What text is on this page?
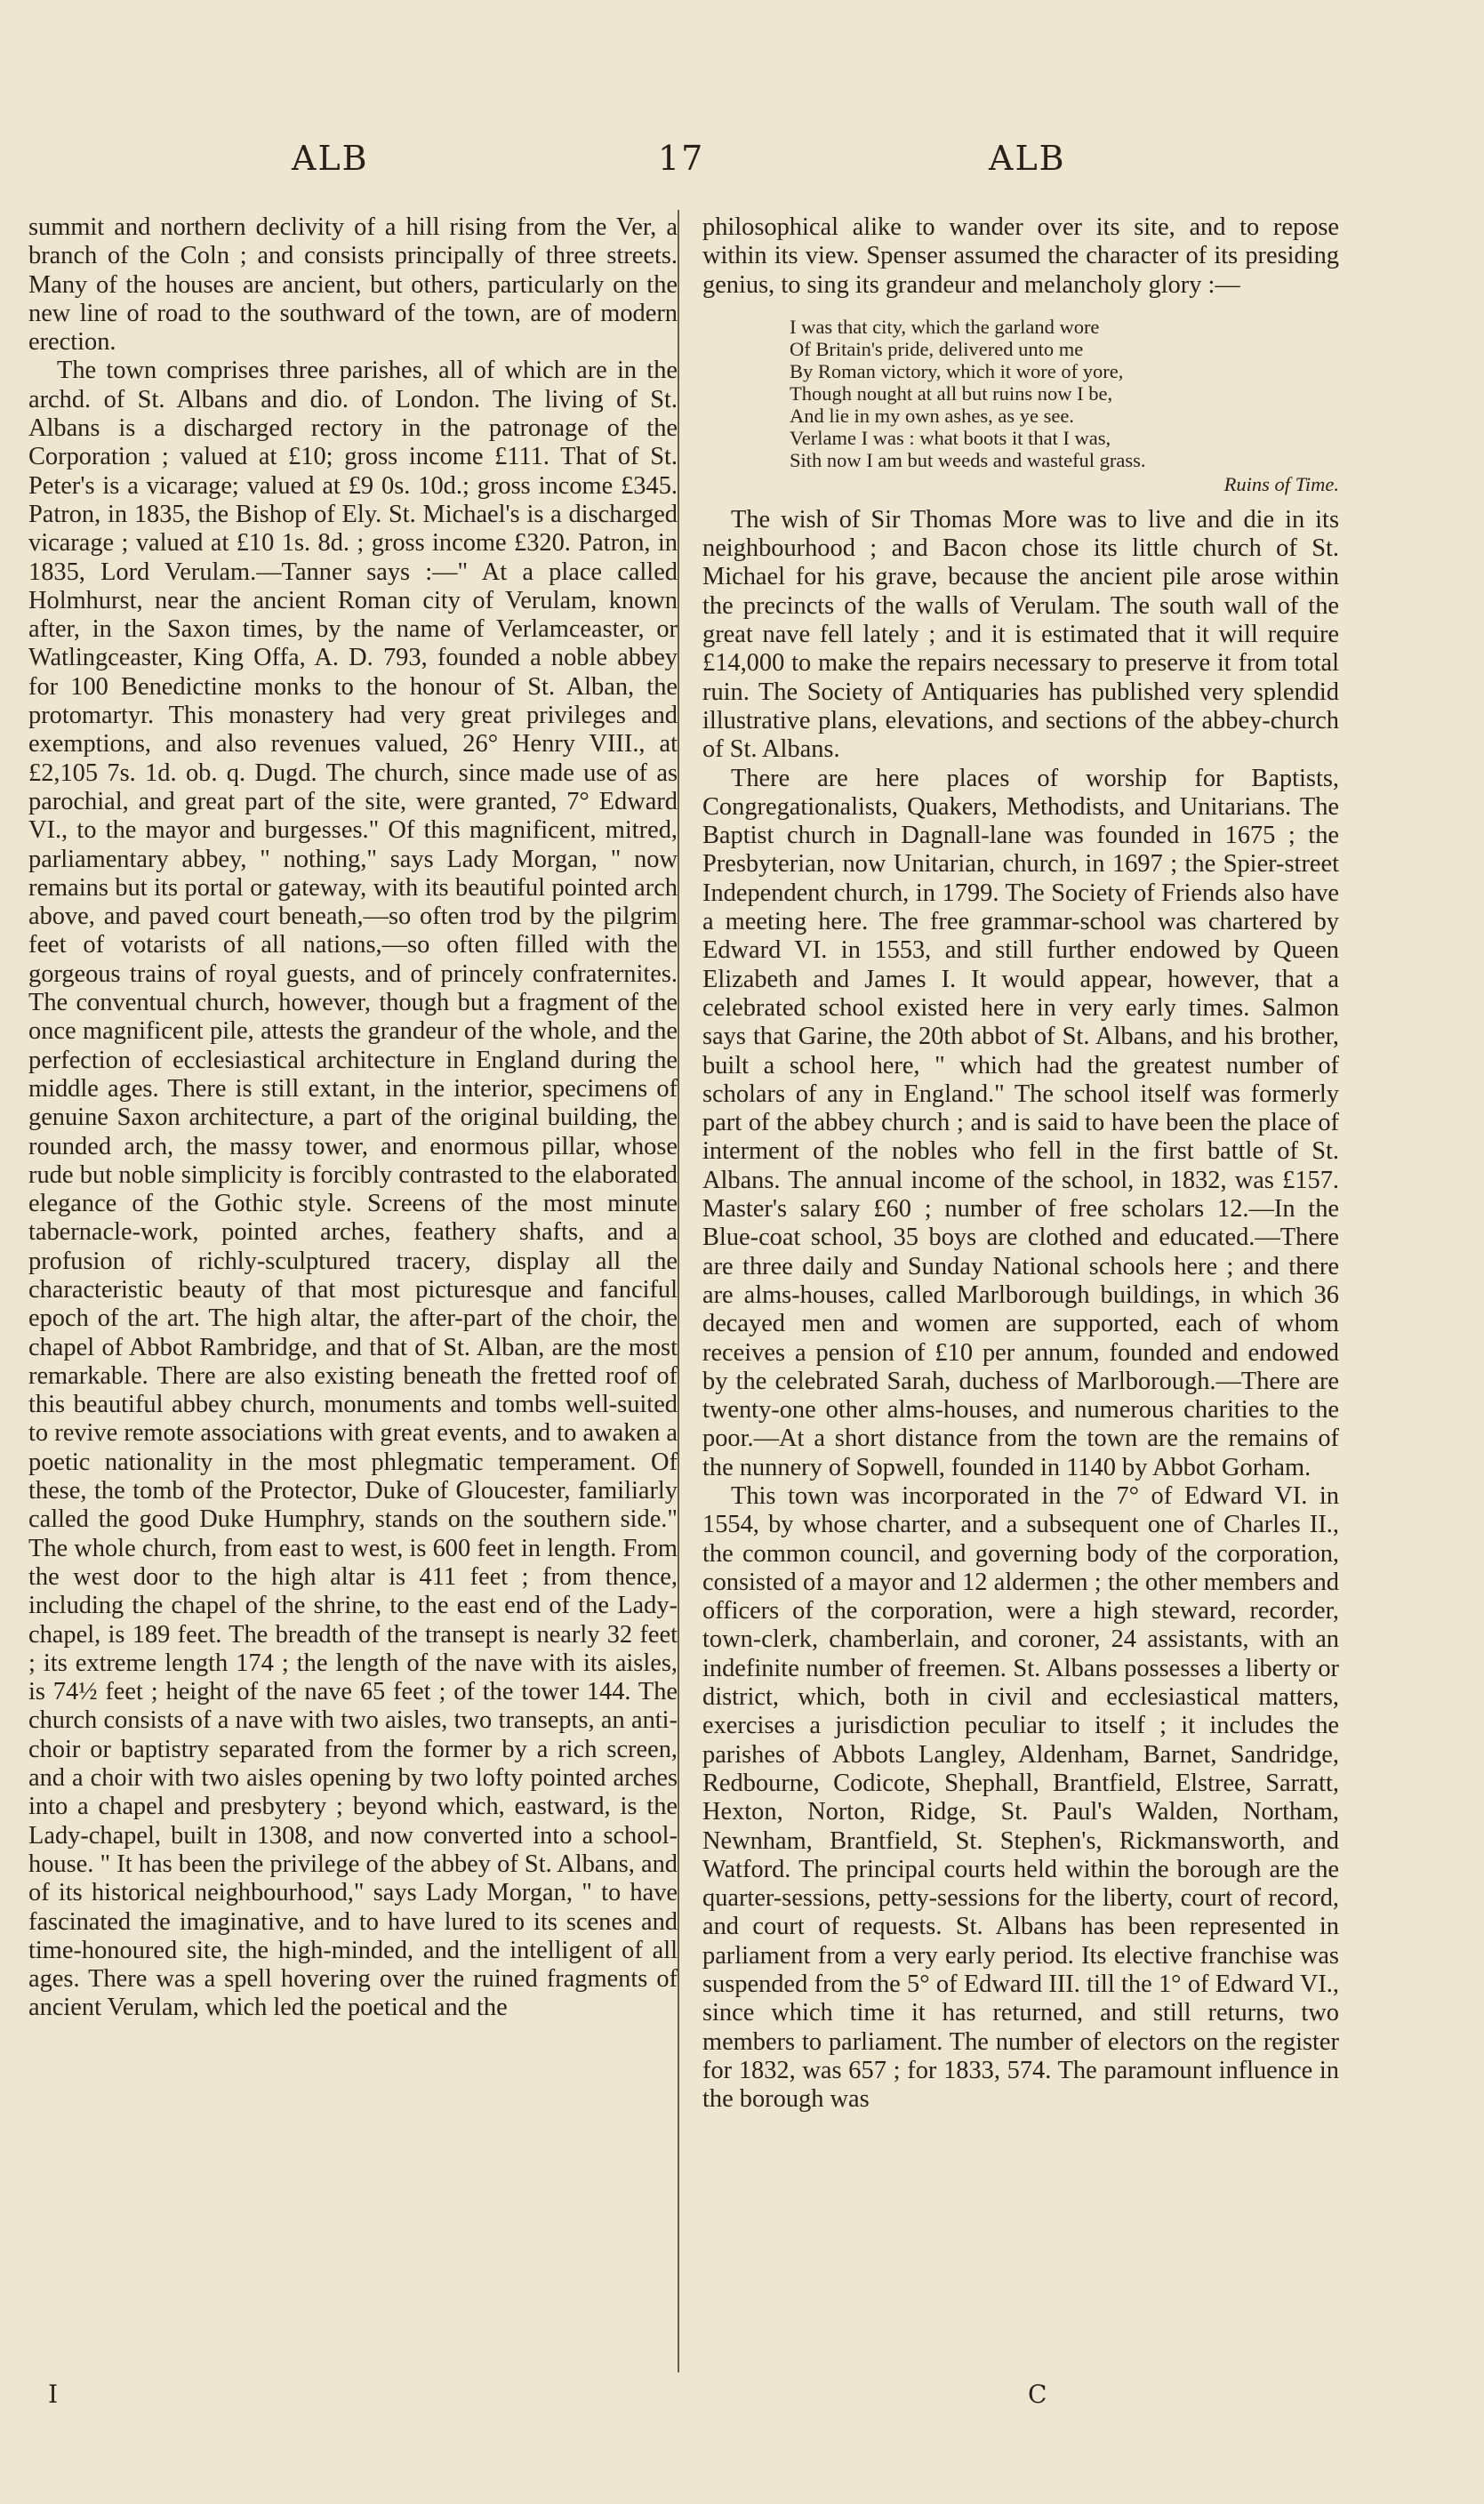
ALB	17	ALB

summit and northern declivity of a hill rising from the Ver, a branch of the Coln ; and consists principally of three streets. Many of the houses are ancient, but others, particularly on the new line of road to the southward of the town, are of modern erection.

The town comprises three parishes, all of which are in the archd. of St. Albans and dio. of London. The living of St. Albans is a discharged rectory in the patronage of the Corporation ; valued at £10; gross income £111. That of St. Peter's is a vicarage; valued at £9 0s. 10d.; gross income £345. Patron, in 1835, the Bishop of Ely. St. Michael's is a discharged vicarage ; valued at £10 1s. 8d. ; gross income £320. Patron, in 1835, Lord Verulam.—Tanner says :—" At a place called Holmhurst, near the ancient Roman city of Verulam, known after, in the Saxon times, by the name of Verlamceaster, or Watlingceaster, King Offa, A. D. 793, founded a noble abbey for 100 Benedictine monks to the honour of St. Alban, the protomartyr. This monastery had very great privileges and exemptions, and also revenues valued, 26° Henry VIII., at £2,105 7s. 1d. ob. q. Dugd. The church, since made use of as parochial, and great part of the site, were granted, 7° Edward VI., to the mayor and burgesses." Of this magnificent, mitred, parliamentary abbey, " nothing," says Lady Morgan, " now remains but its portal or gateway, with its beautiful pointed arch above, and paved court beneath,—so often trod by the pilgrim feet of votarists of all nations,—so often filled with the gorgeous trains of royal guests, and of princely confraternites. The conventual church, however, though but a fragment of the once magnificent pile, attests the grandeur of the whole, and the perfection of ecclesiastical architecture in England during the middle ages. There is still extant, in the interior, specimens of genuine Saxon architecture, a part of the original building, the rounded arch, the massy tower, and enormous pillar, whose rude but noble simplicity is forcibly contrasted to the elaborated elegance of the Gothic style. Screens of the most minute tabernacle-work, pointed arches, feathery shafts, and a profusion of richly-sculptured tracery, display all the characteristic beauty of that most picturesque and fanciful epoch of the art. The high altar, the after-part of the choir, the chapel of Abbot Rambridge, and that of St. Alban, are the most remarkable. There are also existing beneath the fretted roof of this beautiful abbey church, monuments and tombs well-suited to revive remote associations with great events, and to awaken a poetic nationality in the most phlegmatic temperament. Of these, the tomb of the Protector, Duke of Gloucester, familiarly called the good Duke Humphry, stands on the southern side." The whole church, from east to west, is 600 feet in length. From the west door to the high altar is 411 feet ; from thence, including the chapel of the shrine, to the east end of the Lady-chapel, is 189 feet. The breadth of the transept is nearly 32 feet ; its extreme length 174 ; the length of the nave with its aisles, is 74½ feet ; height of the nave 65 feet ; of the tower 144. The church consists of a nave with two aisles, two transepts, an anti-choir or baptistry separated from the former by a rich screen, and a choir with two aisles opening by two lofty pointed arches into a chapel and presbytery ; beyond which, eastward, is the Lady-chapel, built in 1308, and now converted into a school-house. " It has been the privilege of the abbey of St. Albans, and of its historical neighbourhood," says Lady Morgan, " to have fascinated the imaginative, and to have lured to its scenes and time-honoured site, the high-minded, and the intelligent of all ages. There was a spell hovering over the ruined fragments of ancient Verulam, which led the poetical and the

philosophical alike to wander over its site, and to repose within its view. Spenser assumed the character of its presiding genius, to sing its grandeur and melancholy glory :—

I was that city, which the garland wore
Of Britain's pride, delivered unto me
By Roman victory, which it wore of yore,
Though nought at all but ruins now I be,
And lie in my own ashes, as ye see.
Verlame I was : what boots it that I was,
Sith now I am but weeds and wasteful grass.
Ruins of Time.

The wish of Sir Thomas More was to live and die in its neighbourhood ; and Bacon chose its little church of St. Michael for his grave, because the ancient pile arose within the precincts of the walls of Verulam. The south wall of the great nave fell lately ; and it is estimated that it will require £14,000 to make the repairs necessary to preserve it from total ruin. The Society of Antiquaries has published very splendid illustrative plans, elevations, and sections of the abbey-church of St. Albans.

There are here places of worship for Baptists, Congregationalists, Quakers, Methodists, and Unitarians. The Baptist church in Dagnall-lane was founded in 1675 ; the Presbyterian, now Unitarian, church, in 1697 ; the Spier-street Independent church, in 1799. The Society of Friends also have a meeting here. The free grammar-school was chartered by Edward VI. in 1553, and still further endowed by Queen Elizabeth and James I. It would appear, however, that a celebrated school existed here in very early times. Salmon says that Garine, the 20th abbot of St. Albans, and his brother, built a school here, " which had the greatest number of scholars of any in England." The school itself was formerly part of the abbey church ; and is said to have been the place of interment of the nobles who fell in the first battle of St. Albans. The annual income of the school, in 1832, was £157. Master's salary £60 ; number of free scholars 12.—In the Blue-coat school, 35 boys are clothed and educated.—There are three daily and Sunday National schools here ; and there are alms-houses, called Marlborough buildings, in which 36 decayed men and women are supported, each of whom receives a pension of £10 per annum, founded and endowed by the celebrated Sarah, duchess of Marlborough.—There are twenty-one other alms-houses, and numerous charities to the poor.—At a short distance from the town are the remains of the nunnery of Sopwell, founded in 1140 by Abbot Gorham.

This town was incorporated in the 7° of Edward VI. in 1554, by whose charter, and a subsequent one of Charles II., the common council, and governing body of the corporation, consisted of a mayor and 12 aldermen ; the other members and officers of the corporation, were a high steward, recorder, town-clerk, chamberlain, and coroner, 24 assistants, with an indefinite number of freemen. St. Albans possesses a liberty or district, which, both in civil and ecclesiastical matters, exercises a jurisdiction peculiar to itself ; it includes the parishes of Abbots Langley, Aldenham, Barnet, Sandridge, Redbourne, Codicote, Shephall, Brantfield, Elstree, Sarratt, Hexton, Norton, Ridge, St. Paul's Walden, Northam, Newnham, Brantfield, St. Stephen's, Rickmansworth, and Watford. The principal courts held within the borough are the quarter-sessions, petty-sessions for the liberty, court of record, and court of requests. St. Albans has been represented in parliament from a very early period. Its elective franchise was suspended from the 5° of Edward III. till the 1° of Edward VI., since which time it has returned, and still returns, two members to parliament. The number of electors on the register for 1832, was 657 ; for 1833, 574. The paramount influence in the borough was

I	C
